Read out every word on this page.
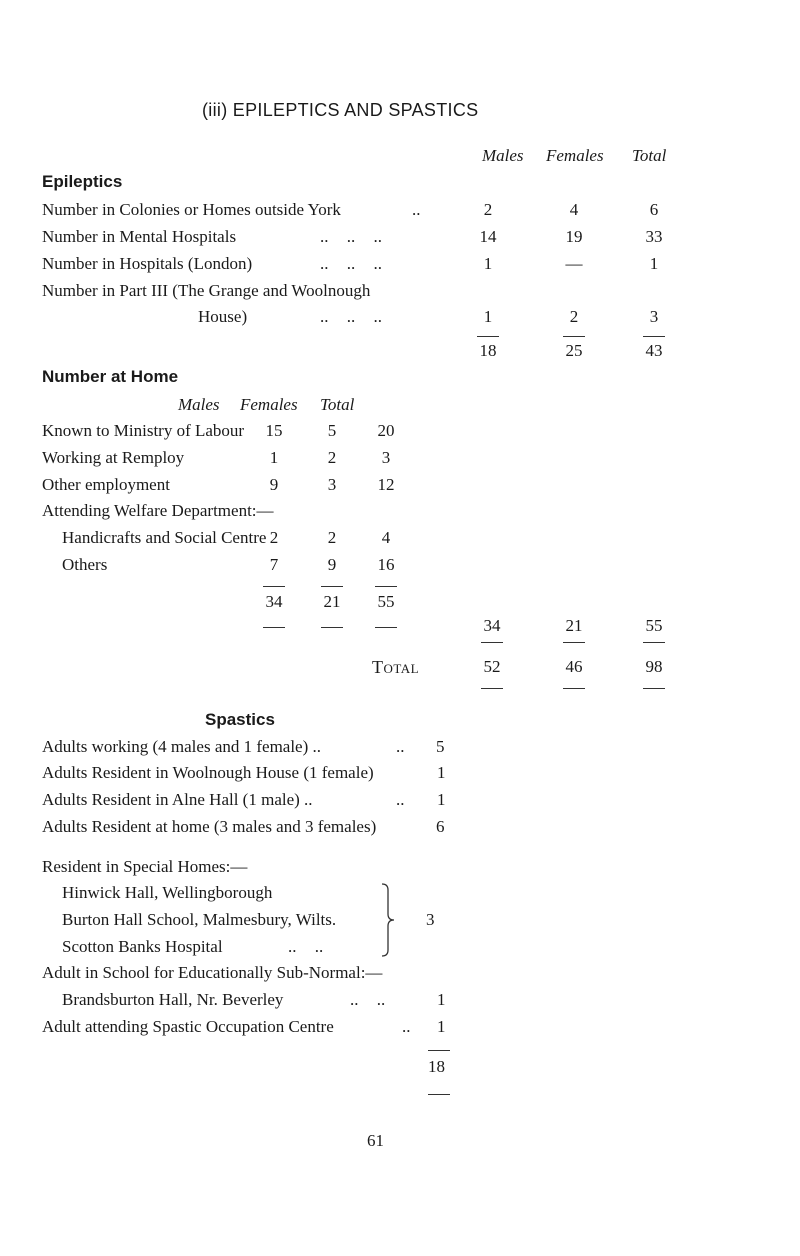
(iii) EPILEPTICS AND SPASTICS
Males Females Total
Epileptics
Number in Colonies or Homes outside York	..	2	4	6
Number in Mental Hospitals	.. .. ..	14	19	33
Number in Hospitals (London)	.. .. ..	1	—	1
Number in Part III (The Grange and Woolnough
House)	.. .. ..	1	2	3
18	25	43
Number at Home
Males Females Total
Known to Ministry of Labour	15	5	20
Working at Remploy	1	2	3
Other employment	9	3	12
Attending Welfare Department:—
Handicrafts and Social Centre 2	2	4
Others	7	9	16
34	21	55
34	21	55
Total	52	46	98
Spastics
Adults working (4 males and 1 female) ..	.. 5
Adults Resident in Woolnough House (1 female)	1
Adults Resident in Alne Hall (1 male) ..	.. 1
Adults Resident at home (3 males and 3 females)	6
Resident in Special Homes:—
Hinwick Hall, Wellingborough
Burton Hall School, Malmesbury, Wilts.
Scotton Banks Hospital	.. ..
3
Adult in School for Educationally Sub-Normal:—
Brandsburton Hall, Nr. Beverley	.. ..	1
Adult attending Spastic Occupation Centre	.. 1
18
61
